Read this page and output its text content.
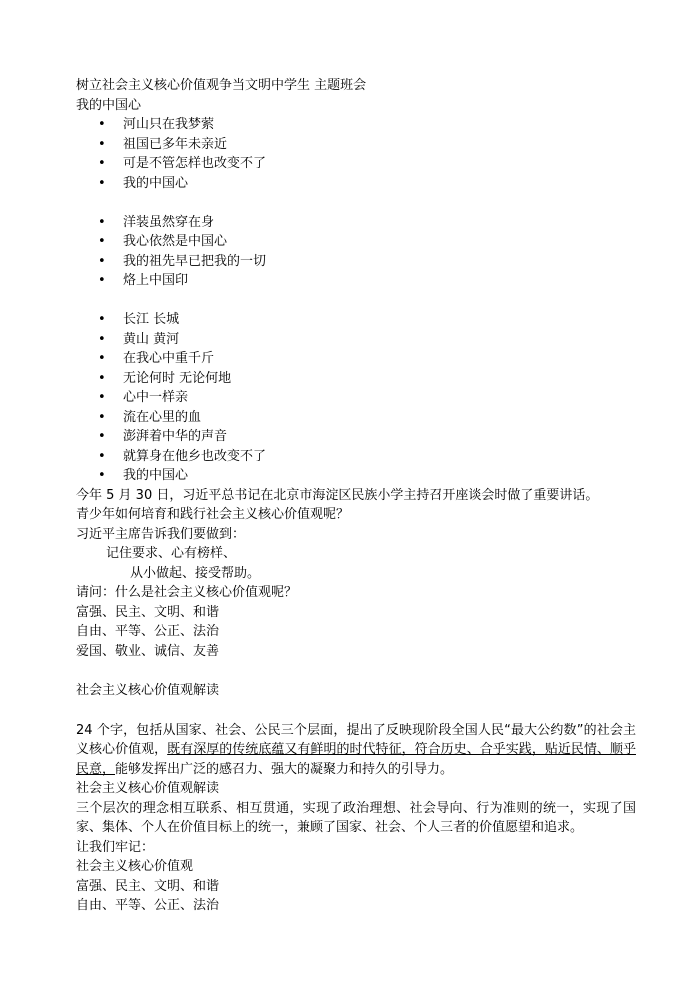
树立社会主义核心价值观争当文明中学生 主题班会
我的中国心
• 河山只在我梦萦
• 祖国已多年未亲近
• 可是不管怎样也改变不了
• 我的中国心
• 洋装虽然穿在身
• 我心依然是中国心
• 我的祖先早已把我的一切
• 烙上中国印
• 长江 长城
• 黄山 黄河
• 在我心中重千斤
• 无论何时 无论何地
• 心中一样亲
• 流在心里的血
• 澎湃着中华的声音
• 就算身在他乡也改变不了
• 我的中国心
今年 5 月 30 日，习近平总书记在北京市海淀区民族小学主持召开座谈会时做了重要讲话。
青少年如何培育和践行社会主义核心价值观呢？
习近平主席告诉我们要做到：
记住要求、心有榜样、
从小做起、接受帮助。
请问：什么是社会主义核心价值观呢？
富强、民主、文明、和谐
自由、平等、公正、法治
爱国、敬业、诚信、友善
社会主义核心价值观解读
24 个字，包括从国家、社会、公民三个层面，提出了反映现阶段全国人民“最大公约数”的社会主义核心价值观，既有深厚的传统底蕴又有鲜明的时代特征，符合历史、合乎实践，贴近民情、顺乎民意，能够发挥出广泛的感召力、强大的凝聚力和持久的引导力。
社会主义核心价值观解读
三个层次的理念相互联系、相互贯通，实现了政治理想、社会导向、行为准则的统一，实现了国家、集体、个人在价值目标上的统一，兼顾了国家、社会、个人三者的价值愿望和追求。
让我们牢记：
社会主义核心价值观
富强、民主、文明、和谐
自由、平等、公正、法治
